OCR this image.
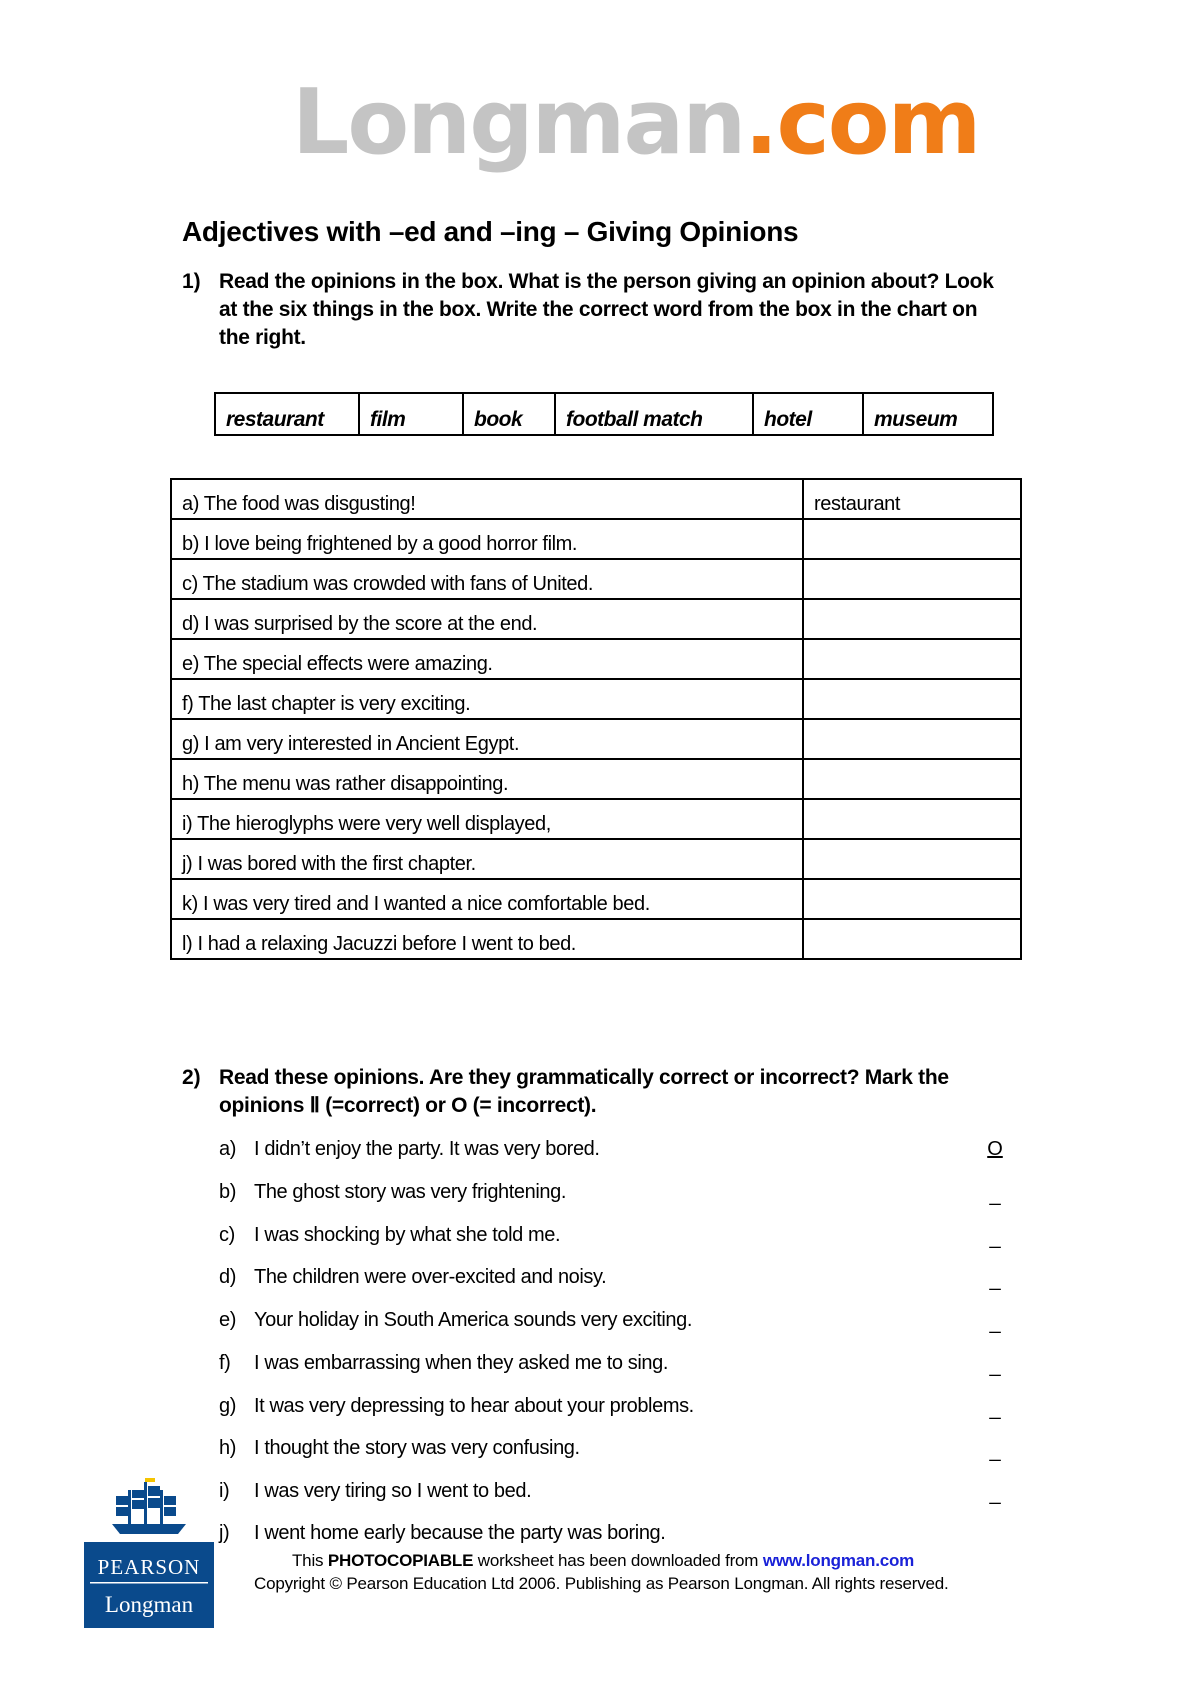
Longman.com
Adjectives with –ed and –ing – Giving Opinions
1) Read the opinions in the box. What is the person giving an opinion about? Look
at the six things in the box. Write the correct word from the box in the chart on
the right.
restaurant	film	book	football match	hotel	museum
a) The food was disgusting!	restaurant
b) I love being frightened by a good horror film.	
c) The stadium was crowded with fans of United.	
d) I was surprised by the score at the end.	
e) The special effects were amazing.	
f) The last chapter is very exciting.	
g) I am very interested in Ancient Egypt.	
h) The menu was rather disappointing.	
i) The hieroglyphs were very well displayed,	
j) I was bored with the first chapter.	
k) I was very tired and I wanted a nice comfortable bed.	
l) I had a relaxing Jacuzzi before I went to bed.	
2) Read these opinions. Are they grammatically correct or incorrect? Mark the
opinions Ⅱ (=correct) or O (= incorrect).
a) I didn’t enjoy the party. It was very bored.	O
b) The ghost story was very frightening.	_
c) I was shocking by what she told me.	_
d) The children were over-excited and noisy.	_
e) Your holiday in South America sounds very exciting.	_
f) I was embarrassing when they asked me to sing.	_
g) It was very depressing to hear about your problems.	_
h) I thought the story was very confusing.	_
i) I was very tiring so I went to bed.	_
j) I went home early because the party was boring.
PEARSON
Longman
This PHOTOCOPIABLE worksheet has been downloaded from www.longman.com
Copyright © Pearson Education Ltd 2006. Publishing as Pearson Longman. All rights reserved.
